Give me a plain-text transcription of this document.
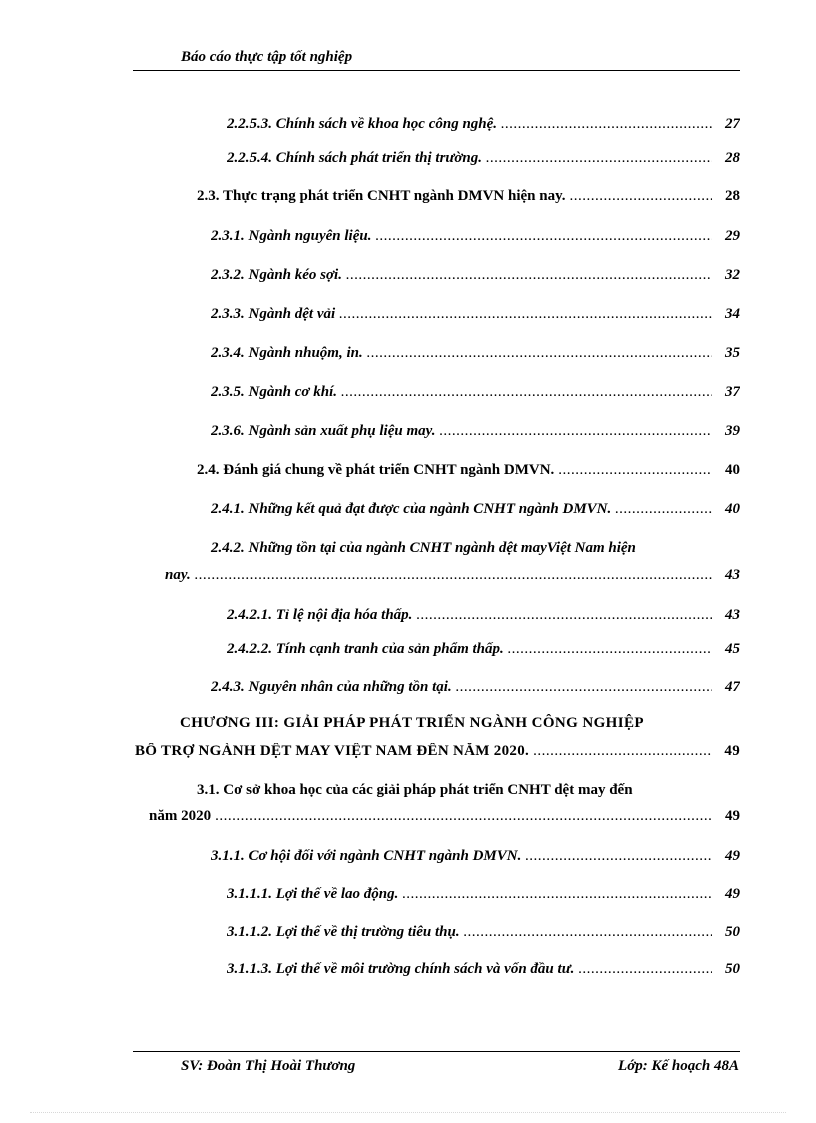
Báo cáo thực tập tốt nghiệp
2.2.5.3. Chính sách về khoa học công nghệ. .....	27
2.2.5.4. Chính sách phát triển thị trường. .....	28
2.3. Thực trạng phát triển CNHT ngành DMVN hiện nay. .....	28
2.3.1. Ngành nguyên liệu. .....	29
2.3.2. Ngành kéo sợi. .....	32
2.3.3. Ngành dệt vải .....	34
2.3.4. Ngành nhuộm, in. .....	35
2.3.5. Ngành cơ khí. .....	37
2.3.6. Ngành sản xuất phụ liệu may. .....	39
2.4. Đánh giá chung về phát triển CNHT ngành DMVN. .....	40
2.4.1. Những kết quả đạt được của ngành CNHT ngành DMVN. .....	40
2.4.2. Những tồn tại của ngành CNHT ngành dệt mayViệt Nam hiện
nay. .....	43
2.4.2.1. Tỉ lệ nội địa hóa thấp. .....	43
2.4.2.2. Tính cạnh tranh của sản phẩm thấp. .....	45
2.4.3. Nguyên nhân của những tồn tại. .....	47
CHƯƠNG III: GIẢI PHÁP PHÁT TRIỂN NGÀNH CÔNG NGHIỆP
BỔ TRỢ NGÀNH DỆT MAY VIỆT NAM ĐẾN NĂM 2020. .....	49
3.1. Cơ sở khoa học của các giải pháp phát triển CNHT dệt may đến
năm 2020 .....	49
3.1.1. Cơ hội đối với ngành CNHT ngành DMVN. .....	49
3.1.1.1. Lợi thế về lao động. .....	49
3.1.1.2. Lợi thế về thị trường tiêu thụ. .....	50
3.1.1.3. Lợi thế về môi trường chính sách và vốn đầu tư. .....	50
SV: Đoàn Thị Hoài Thương	Lớp: Kế hoạch 48A
